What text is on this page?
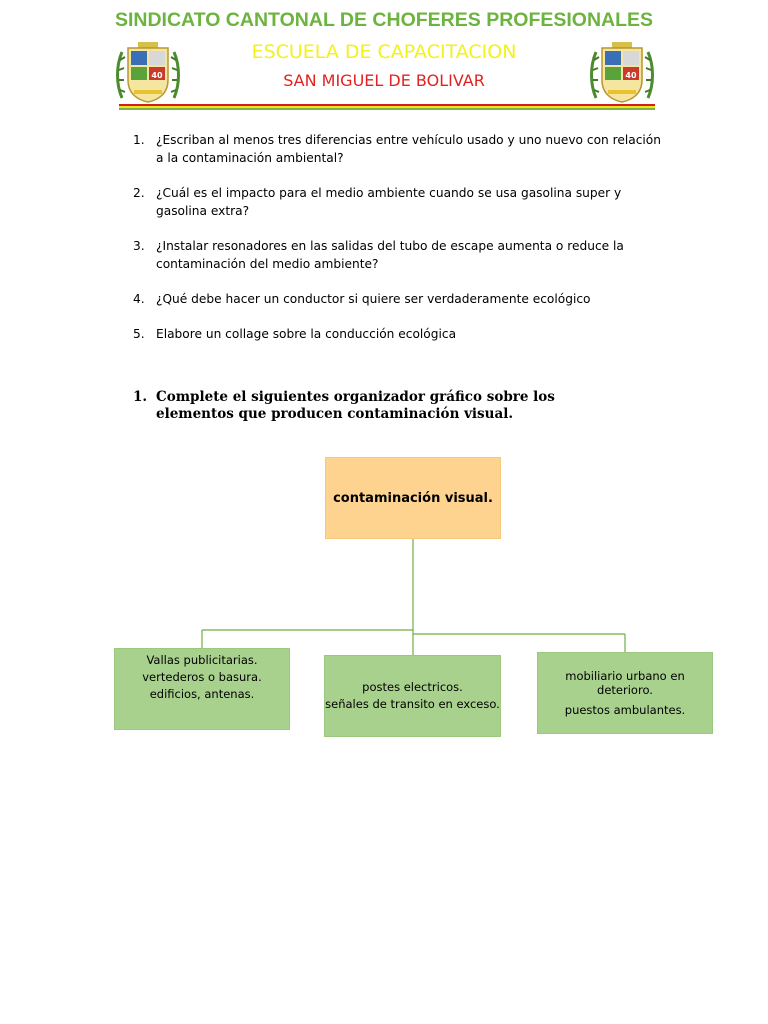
SINDICATO CANTONAL DE CHOFERES PROFESIONALES
ESCUELA DE CAPACITACION
SAN MIGUEL DE BOLIVAR
40	40
1. ¿Escriban al menos tres diferencias entre vehículo usado y uno nuevo con relación a la contaminación ambiental?
2. ¿Cuál es el impacto para el medio ambiente cuando se usa gasolina super y gasolina extra?
3. ¿Instalar resonadores en las salidas del tubo de escape aumenta o reduce la contaminación del medio ambiente?
4. ¿Qué debe hacer un conductor si quiere ser verdaderamente ecológico
5. Elabore un collage sobre la conducción ecológica
1. Complete el siguientes organizador gráfico sobre los elementos que producen contaminación visual.
contaminación visual.
Vallas publicitarias.
vertederos o basura.
edificios, antenas.	postes electricos.
señales de transito en exceso.
mobiliario urbano en
deterioro.
puestos ambulantes.
